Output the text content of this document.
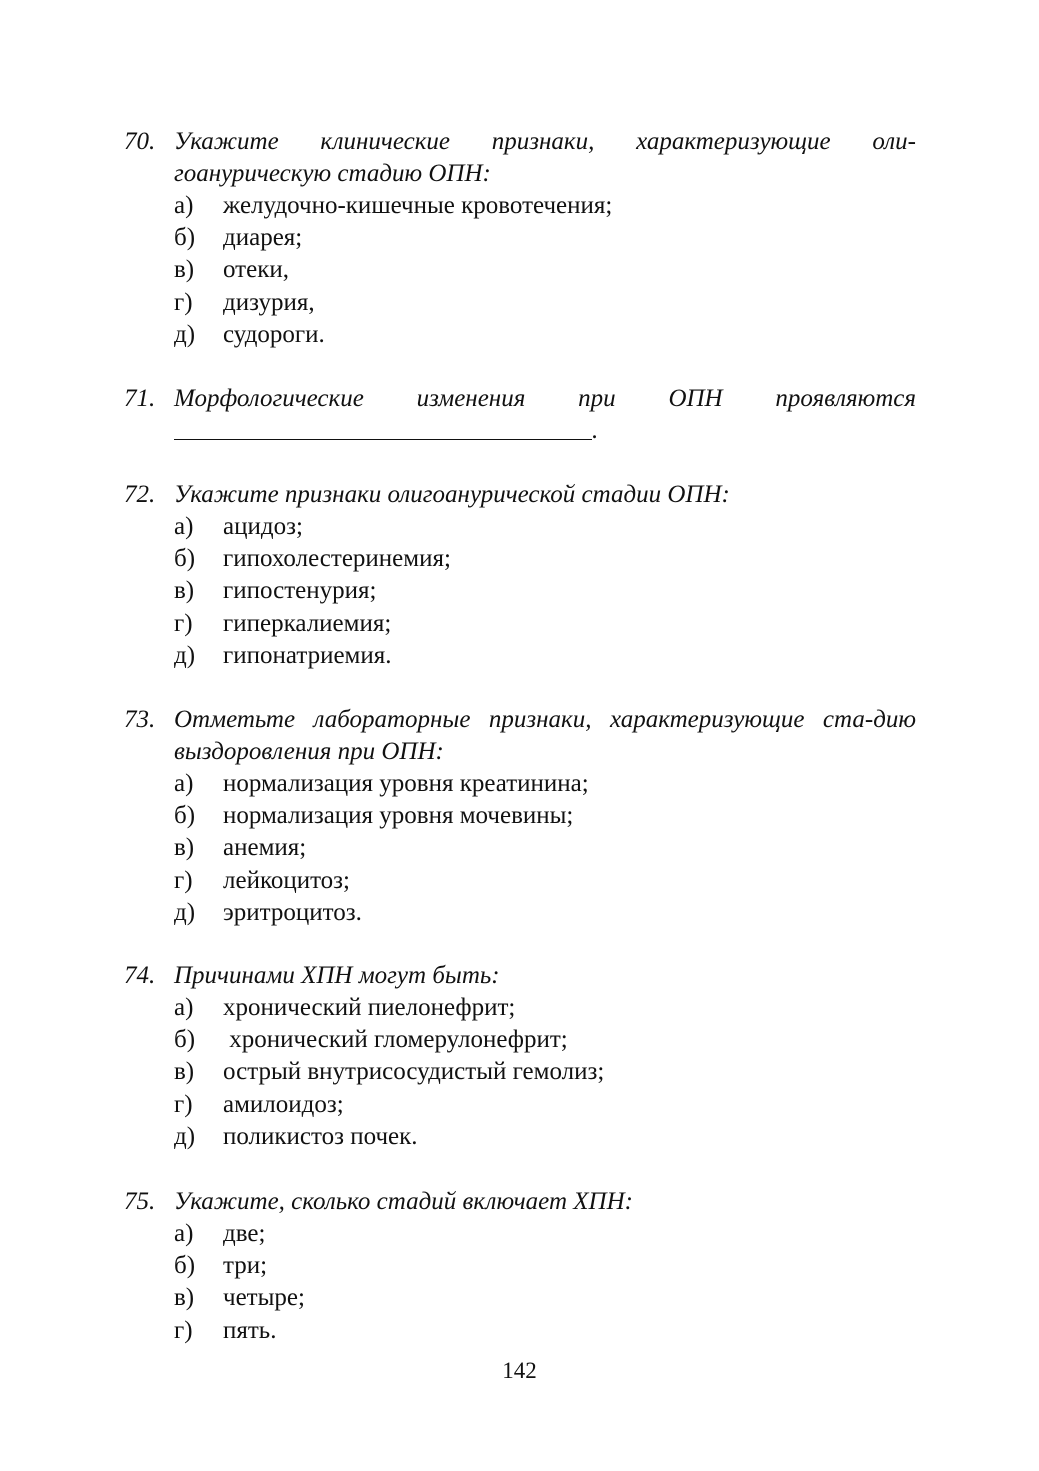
70. Укажите клинические признаки, характеризующие оли-гоанурическую стадию ОПН:
а)	желудочно-кишечные кровотечения;
б)	диарея;
в)	отеки,
г)	дизурия,
д)	судороги.
71. Морфологические изменения при ОПН проявляются
.
72. Укажите признаки олигоанурической стадии ОПН:
а)	ацидоз;
б)	гипохолестеринемия;
в)	гипостенурия;
г)	гиперкалиемия;
д)	гипонатриемия.
73. Отметьте лабораторные признаки, характеризующие ста-дию выздоровления при ОПН:
а)	нормализация уровня креатинина;
б)	нормализация уровня мочевины;
в)	анемия;
г)	лейкоцитоз;
д)	эритроцитоз.
74. Причинами ХПН могут быть:
а)	хронический пиелонефрит;
б)	хронический гломерулонефрит;
в)	острый внутрисосудистый гемолиз;
г)	амилоидоз;
д)	поликистоз почек.
75. Укажите, сколько стадий включает ХПН:
а)	две;
б)	три;
в)	четыре;
г)	пять.
142
